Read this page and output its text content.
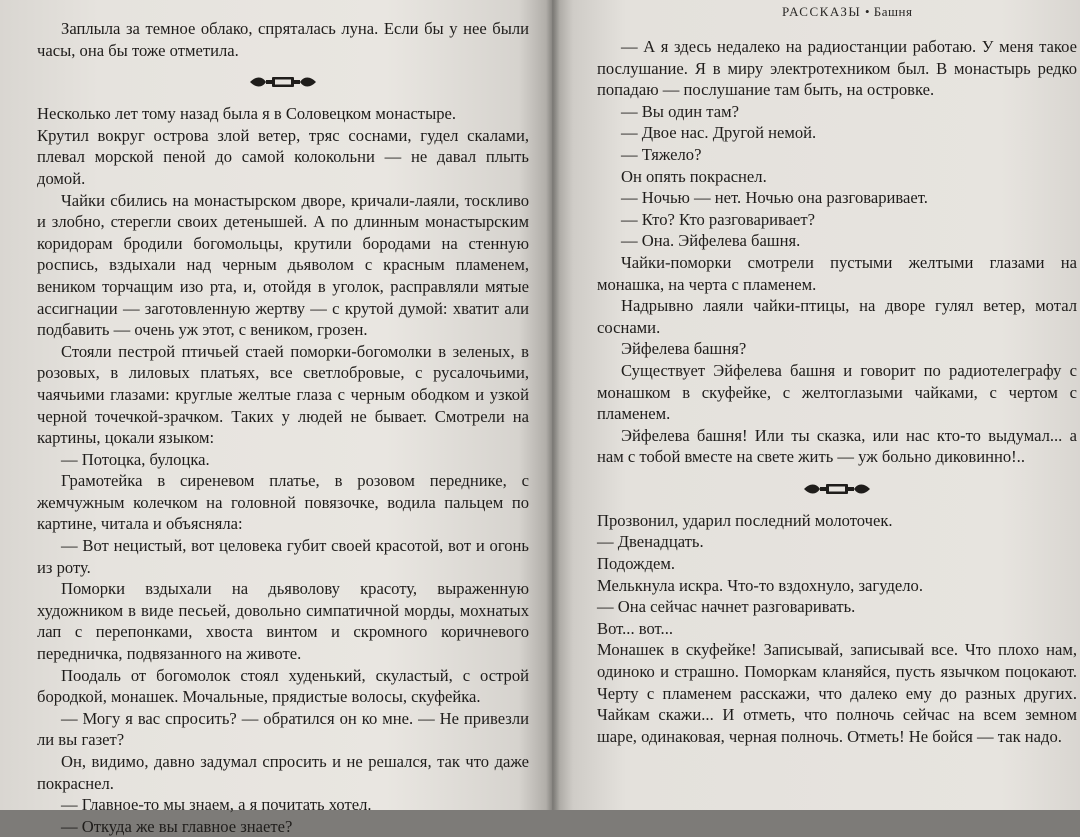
Заплыла за темное облако, спряталась луна. Если бы у нее были часы, она бы тоже отметила.

Несколько лет тому назад была я в Соловецком монастыре.

Крутил вокруг острова злой ветер, тряс соснами, гудел скалами, плевал морской пеной до самой колокольни — не давал плыть домой.

Чайки сбились на монастырском дворе, кричали-лаяли, тоскливо и злобно, стерегли своих детенышей. А по длинным монастырским коридорам бродили богомольцы, крутили бородами на стенную роспись, вздыхали над черным дьяволом с красным пламенем, веником торчащим изо рта, и, отойдя в уголок, расправляли мятые ассигнации — заготовленную жертву — с крутой думой: хватит али подбавить — очень уж этот, с веником, грозен.

Стояли пестрой птичьей стаей поморки-богомолки в зеленых, в розовых, в лиловых платьях, все светлобровые, с русалочьими, чаячьими глазами: круглые желтые глаза с черным ободком и узкой черной точечкой-зрачком. Таких у людей не бывает. Смотрели на картины, цокали языком:

— Потоцка, булоцка.

Грамотейка в сиреневом платье, в розовом переднике, с жемчужным колечком на головной повязочке, водила пальцем по картине, читала и объясняла:

— Вот нецистый, вот целовека губит своей красотой, вот и огонь из роту.

Поморки вздыхали на дьяволову красоту, выраженную художником в виде песьей, довольно симпатичной морды, мохнатых лап с перепонками, хвоста винтом и скромного коричневого передничка, подвязанного на животе.

Поодаль от богомолок стоял худенький, скуластый, с острой бородкой, монашек. Мочальные, прядистые волосы, скуфейка.

— Могу я вас спросить? — обратился он ко мне. — Не привезли ли вы газет?

Он, видимо, давно задумал спросить и не решался, так что даже покраснел.

— Главное-то мы знаем, а я почитать хотел.

— Откуда же вы главное знаете?

РАССКАЗЫ • Башня

— А я здесь недалеко на радиостанции работаю. У меня такое послушание. Я в миру электротехником был. В монастырь редко попадаю — послушание там быть, на островке.

— Вы один там?

— Двое нас. Другой немой.

— Тяжело?

Он опять покраснел.

— Ночью — нет. Ночью она разговаривает.

— Кто? Кто разговаривает?

— Она. Эйфелева башня.

Чайки-поморки смотрели пустыми желтыми глазами на монашка, на черта с пламенем.

Надрывно лаяли чайки-птицы, на дворе гулял ветер, мотал соснами.

Эйфелева башня?

Существует Эйфелева башня и говорит по радиотелеграфу с монашком в скуфейке, с желтоглазыми чайками, с чертом с пламенем.

Эйфелева башня! Или ты сказка, или нас кто-то выдумал... а нам с тобой вместе на свете жить — уж больно диковинно!..

Прозвонил, ударил последний молоточек.

— Двенадцать.

Подождем.

Мелькнула искра. Что-то вздохнуло, загудело.

— Она сейчас начнет разговаривать.

Вот... вот...

Монашек в скуфейке! Записывай, записывай все. Что плохо нам, одиноко и страшно. Поморкам кланяйся, пусть язычком поцокают. Черту с пламенем расскажи, что далеко ему до разных других. Чайкам скажи... И отметь, что полночь сейчас на всем земном шаре, одинаковая, черная полночь. Отметь! Не бойся — так надо.
